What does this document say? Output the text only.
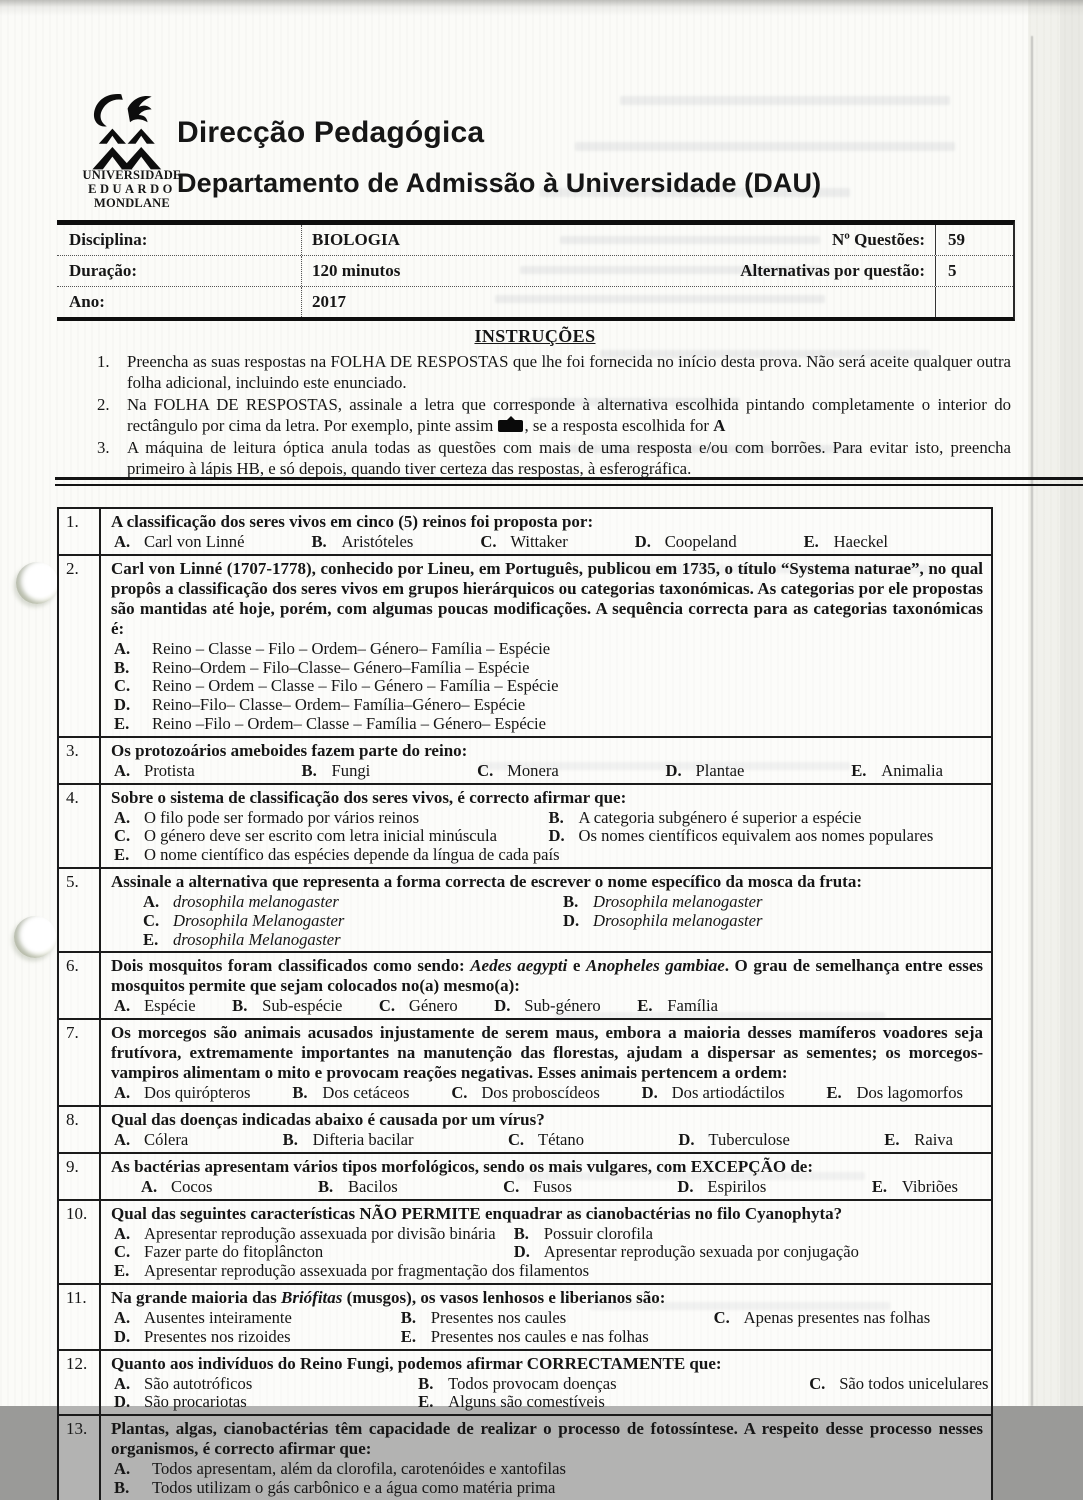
UNIVERSIDADE
EDUARDO
MONDLANE
Direcção Pedagógica
Departamento de Admissão à Universidade (DAU)
Disciplina:	BIOLOGIA	Nº Questões:	59
Duração:	120 minutos	Alternativas por questão:	5
Ano:	2017

INSTRUÇÕES

1.	Preencha as suas respostas na FOLHA DE RESPOSTAS que lhe foi fornecida no início desta prova. Não será aceite qualquer outra folha adicional, incluindo este enunciado.
2.	Na FOLHA DE RESPOSTAS, assinale a letra que corresponde à alternativa escolhida pintando completamente o interior do rectângulo por cima da letra. Por exemplo, pinte assim , se a resposta escolhida for A
3.	A máquina de leitura óptica anula todas as questões com mais de uma resposta e/ou com borrões. Para evitar isto, preencha primeiro à lápis HB, e só depois, quando tiver certeza das respostas, à esferográfica.
1.	A classificação dos seres vivos em cinco (5) reinos foi proposta por:

A. Carl von Linné	B. Aristóteles	C. Wittaker	D. Coopeland	E. Haeckel
2.	Carl von Linné (1707-1778), conhecido por Lineu, em Português, publicou em 1735, o título “Systema naturae”, no qual propôs a classificação dos seres vivos em grupos hierárquicos ou categorias taxonómicas. As categorias por ele propostas são mantidas até hoje, porém, com algumas poucas modificações. A sequência correcta para as categorias taxonómicas é:

A. Reino – Classe – Filo – Ordem– Género– Família – Espécie
B. Reino–Ordem – Filo–Classe– Género–Família – Espécie
C. Reino – Ordem – Classe – Filo – Género – Família – Espécie
D. Reino–Filo– Classe– Ordem– Família–Género– Espécie
E. Reino –Filo – Ordem– Classe – Família – Género– Espécie
3.	Os protozoários ameboides fazem parte do reino:

A. Protista	B. Fungi	C. Monera	D. Plantae	E. Animalia
4.	Sobre o sistema de classificação dos seres vivos, é correcto afirmar que:

A. O filo pode ser formado por vários reinos	B. A categoria subgénero é superior a espécie
C. O género deve ser escrito com letra inicial minúscula	D. Os nomes científicos equivalem aos nomes populares
E. O nome científico das espécies depende da língua de cada país
5.	Assinale a alternativa que representa a forma correcta de escrever o nome específico da mosca da fruta:

A. drosophila melanogaster	B. Drosophila melanogaster
C. Drosophila Melanogaster	D. Drosophila melanogaster
E. drosophila Melanogaster
6.	Dois mosquitos foram classificados como sendo: Aedes aegypti e Anopheles gambiae. O grau de semelhança entre esses mosquitos permite que sejam colocados no(a) mesmo(a):

A. Espécie B. Sub-espécie C. Género D. Sub-género E. Família
7.	Os morcegos são animais acusados injustamente de serem maus, embora a maioria desses mamíferos voadores seja frutívora, extremamente importantes na manutenção das florestas, ajudam a dispersar as sementes; os morcegos-vampiros alimentam o mito e provocam reações negativas. Esses animais pertencem a ordem:

A. Dos quirópteros	B. Dos cetáceos	C. Dos proboscídeos	D. Dos artiodáctilos	E. Dos lagomorfos
8.	Qual das doenças indicadas abaixo é causada por um vírus?

A. Cólera	B. Difteria bacilar	C. Tétano	D. Tuberculose	E. Raiva
9.	As bactérias apresentam vários tipos morfológicos, sendo os mais vulgares, com EXCEPÇÃO de:

A. Cocos	B. Bacilos	C. Fusos	D. Espirilos	E. Vibriões
10.	Qual das seguintes características NÃO PERMITE enquadrar as cianobactérias no filo Cyanophyta?

A. Apresentar reprodução assexuada por divisão binária	B. Possuir clorofila
C. Fazer parte do fitoplâncton	D. Apresentar reprodução sexuada por conjugação
E. Apresentar reprodução assexuada por fragmentação dos filamentos
11.	Na grande maioria das Briófitas (musgos), os vasos lenhosos e liberianos são:

A. Ausentes inteiramente	B. Presentes nos caules	C. Apenas presentes nas folhas
D. Presentes nos rizoides	E. Presentes nos caules e nas folhas
12.	Quanto aos indivíduos do Reino Fungi, podemos afirmar CORRECTAMENTE que:

A. São autotróficos	B. Todos provocam doenças	C. São todos unicelulares
D. São procariotas	E. Alguns são comestíveis
13.	Plantas, algas, cianobactérias têm capacidade de realizar o processo de fotossíntese. A respeito desse processo nesses organismos, é correcto afirmar que:

A. Todos apresentam, além da clorofila, carotenóides e xantofilas
B. Todos utilizam o gás carbônico e a água como matéria prima
